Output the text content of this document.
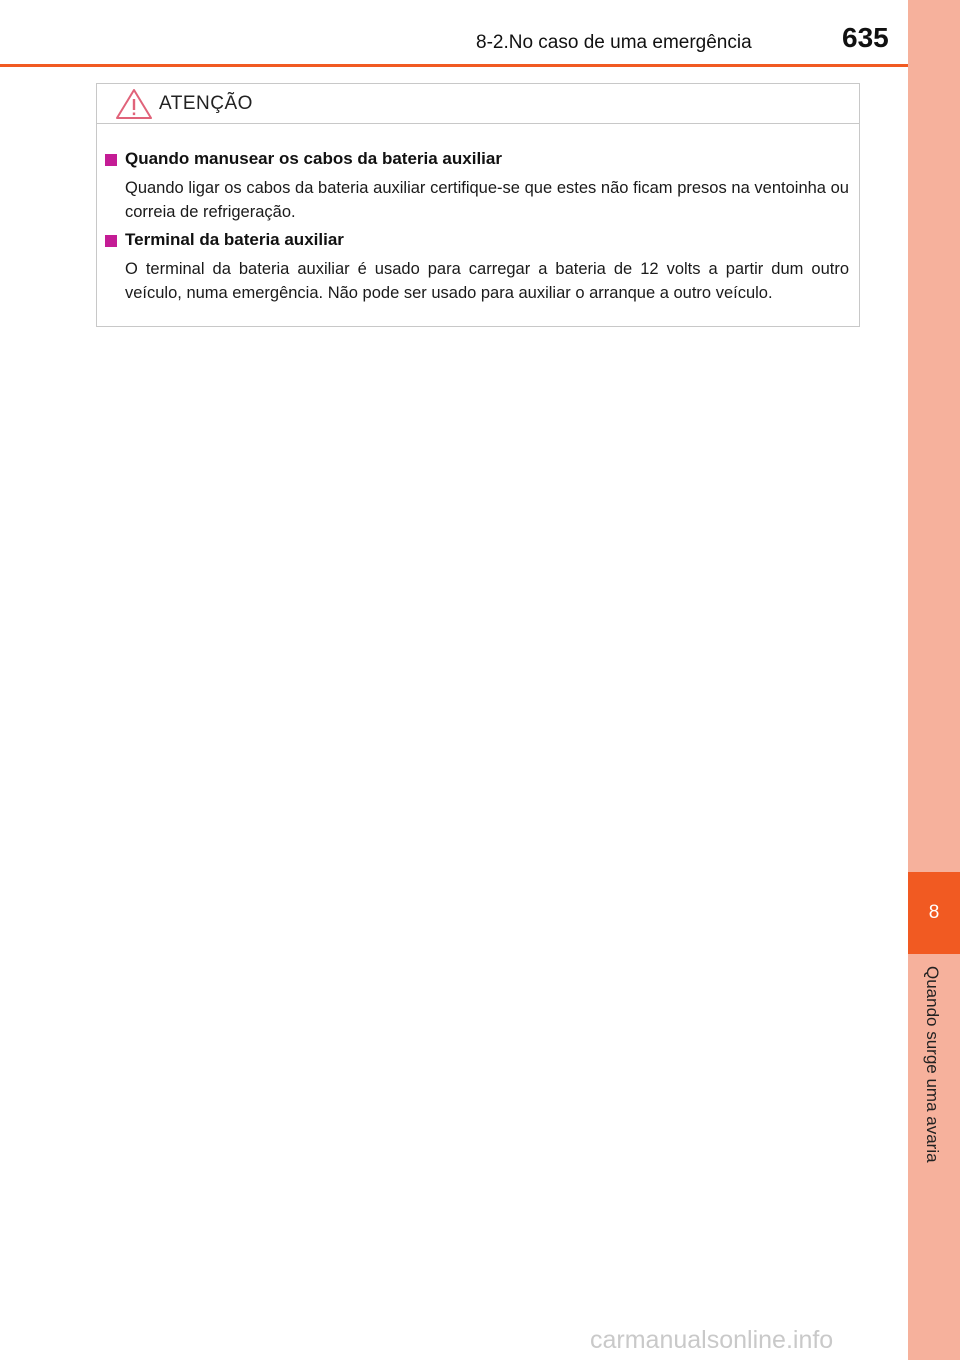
8
Quando surge uma avaria
8-2.No caso de uma emergência	635
ATENÇÃO
Quando manusear os cabos da bateria auxiliar
Quando ligar os cabos da bateria auxiliar certifique-se que estes não ficam presos na ventoinha ou correia de refrigeração.
Terminal da bateria auxiliar
O terminal da bateria auxiliar é usado para carregar a bateria de 12 volts a partir dum outro veículo, numa emergência. Não pode ser usado para auxiliar o arranque a outro veículo.
carmanualsonline.info
